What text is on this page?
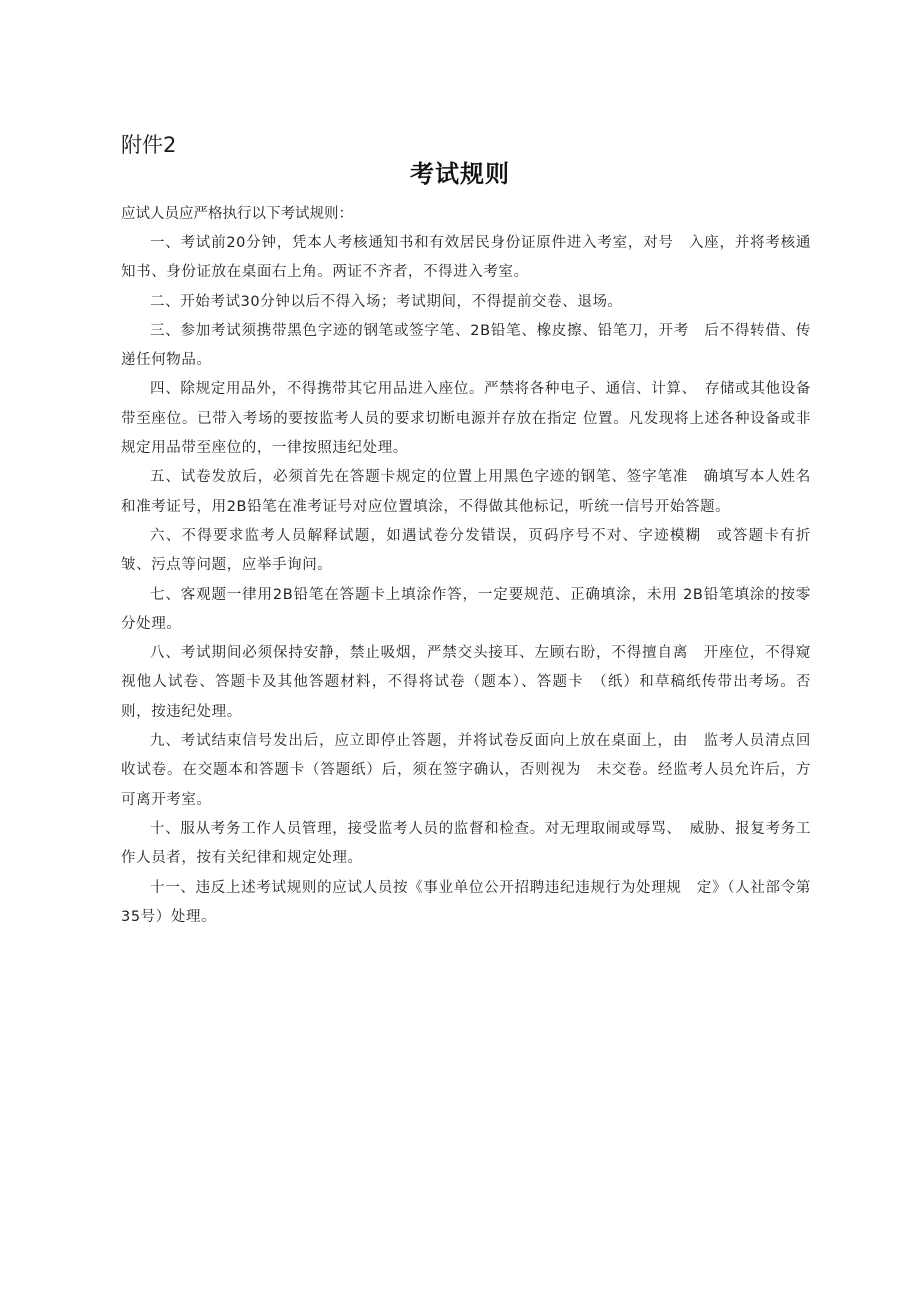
附件2
考试规则
应试人员应严格执行以下考试规则：

一、考试前20分钟，凭本人考核通知书和有效居民身份证原件进入考室，对号　入座，并将考核通知书、身份证放在桌面右上角。两证不齐者，不得进入考室。

二、开始考试30分钟以后不得入场；考试期间，不得提前交卷、退场。

三、参加考试须携带黑色字迹的钢笔或签字笔、2B铅笔、橡皮擦、铅笔刀，开考　后不得转借、传递任何物品。

四、除规定用品外，不得携带其它用品进入座位。严禁将各种电子、通信、计算、　存储或其他设备带至座位。已带入考场的要按监考人员的要求切断电源并存放在指定 位置。凡发现将上述各种设备或非规定用品带至座位的，一律按照违纪处理。

五、试卷发放后，必须首先在答题卡规定的位置上用黑色字迹的钢笔、签字笔准　确填写本人姓名和准考证号，用2B铅笔在准考证号对应位置填涂，不得做其他标记，听统一信号开始答题。

六、不得要求监考人员解释试题，如遇试卷分发错误，页码序号不对、字迹模糊　或答题卡有折皱、污点等问题，应举手询问。

七、客观题一律用2B铅笔在答题卡上填涂作答，一定要规范、正确填涂，未用 2B铅笔填涂的按零分处理。

八、考试期间必须保持安静，禁止吸烟，严禁交头接耳、左顾右盼，不得擅自离　开座位，不得窥视他人试卷、答题卡及其他答题材料，不得将试卷（题本）、答题卡　（纸）和草稿纸传带出考场。否则，按违纪处理。

九、考试结束信号发出后，应立即停止答题，并将试卷反面向上放在桌面上，由　监考人员清点回收试卷。在交题本和答题卡（答题纸）后，须在签字确认，否则视为　未交卷。经监考人员允许后，方可离开考室。

十、服从考务工作人员管理，接受监考人员的监督和检查。对无理取闹或辱骂、　威胁、报复考务工作人员者，按有关纪律和规定处理。

十一、违反上述考试规则的应试人员按《事业单位公开招聘违纪违规行为处理规　定》（人社部令第35号）处理。
